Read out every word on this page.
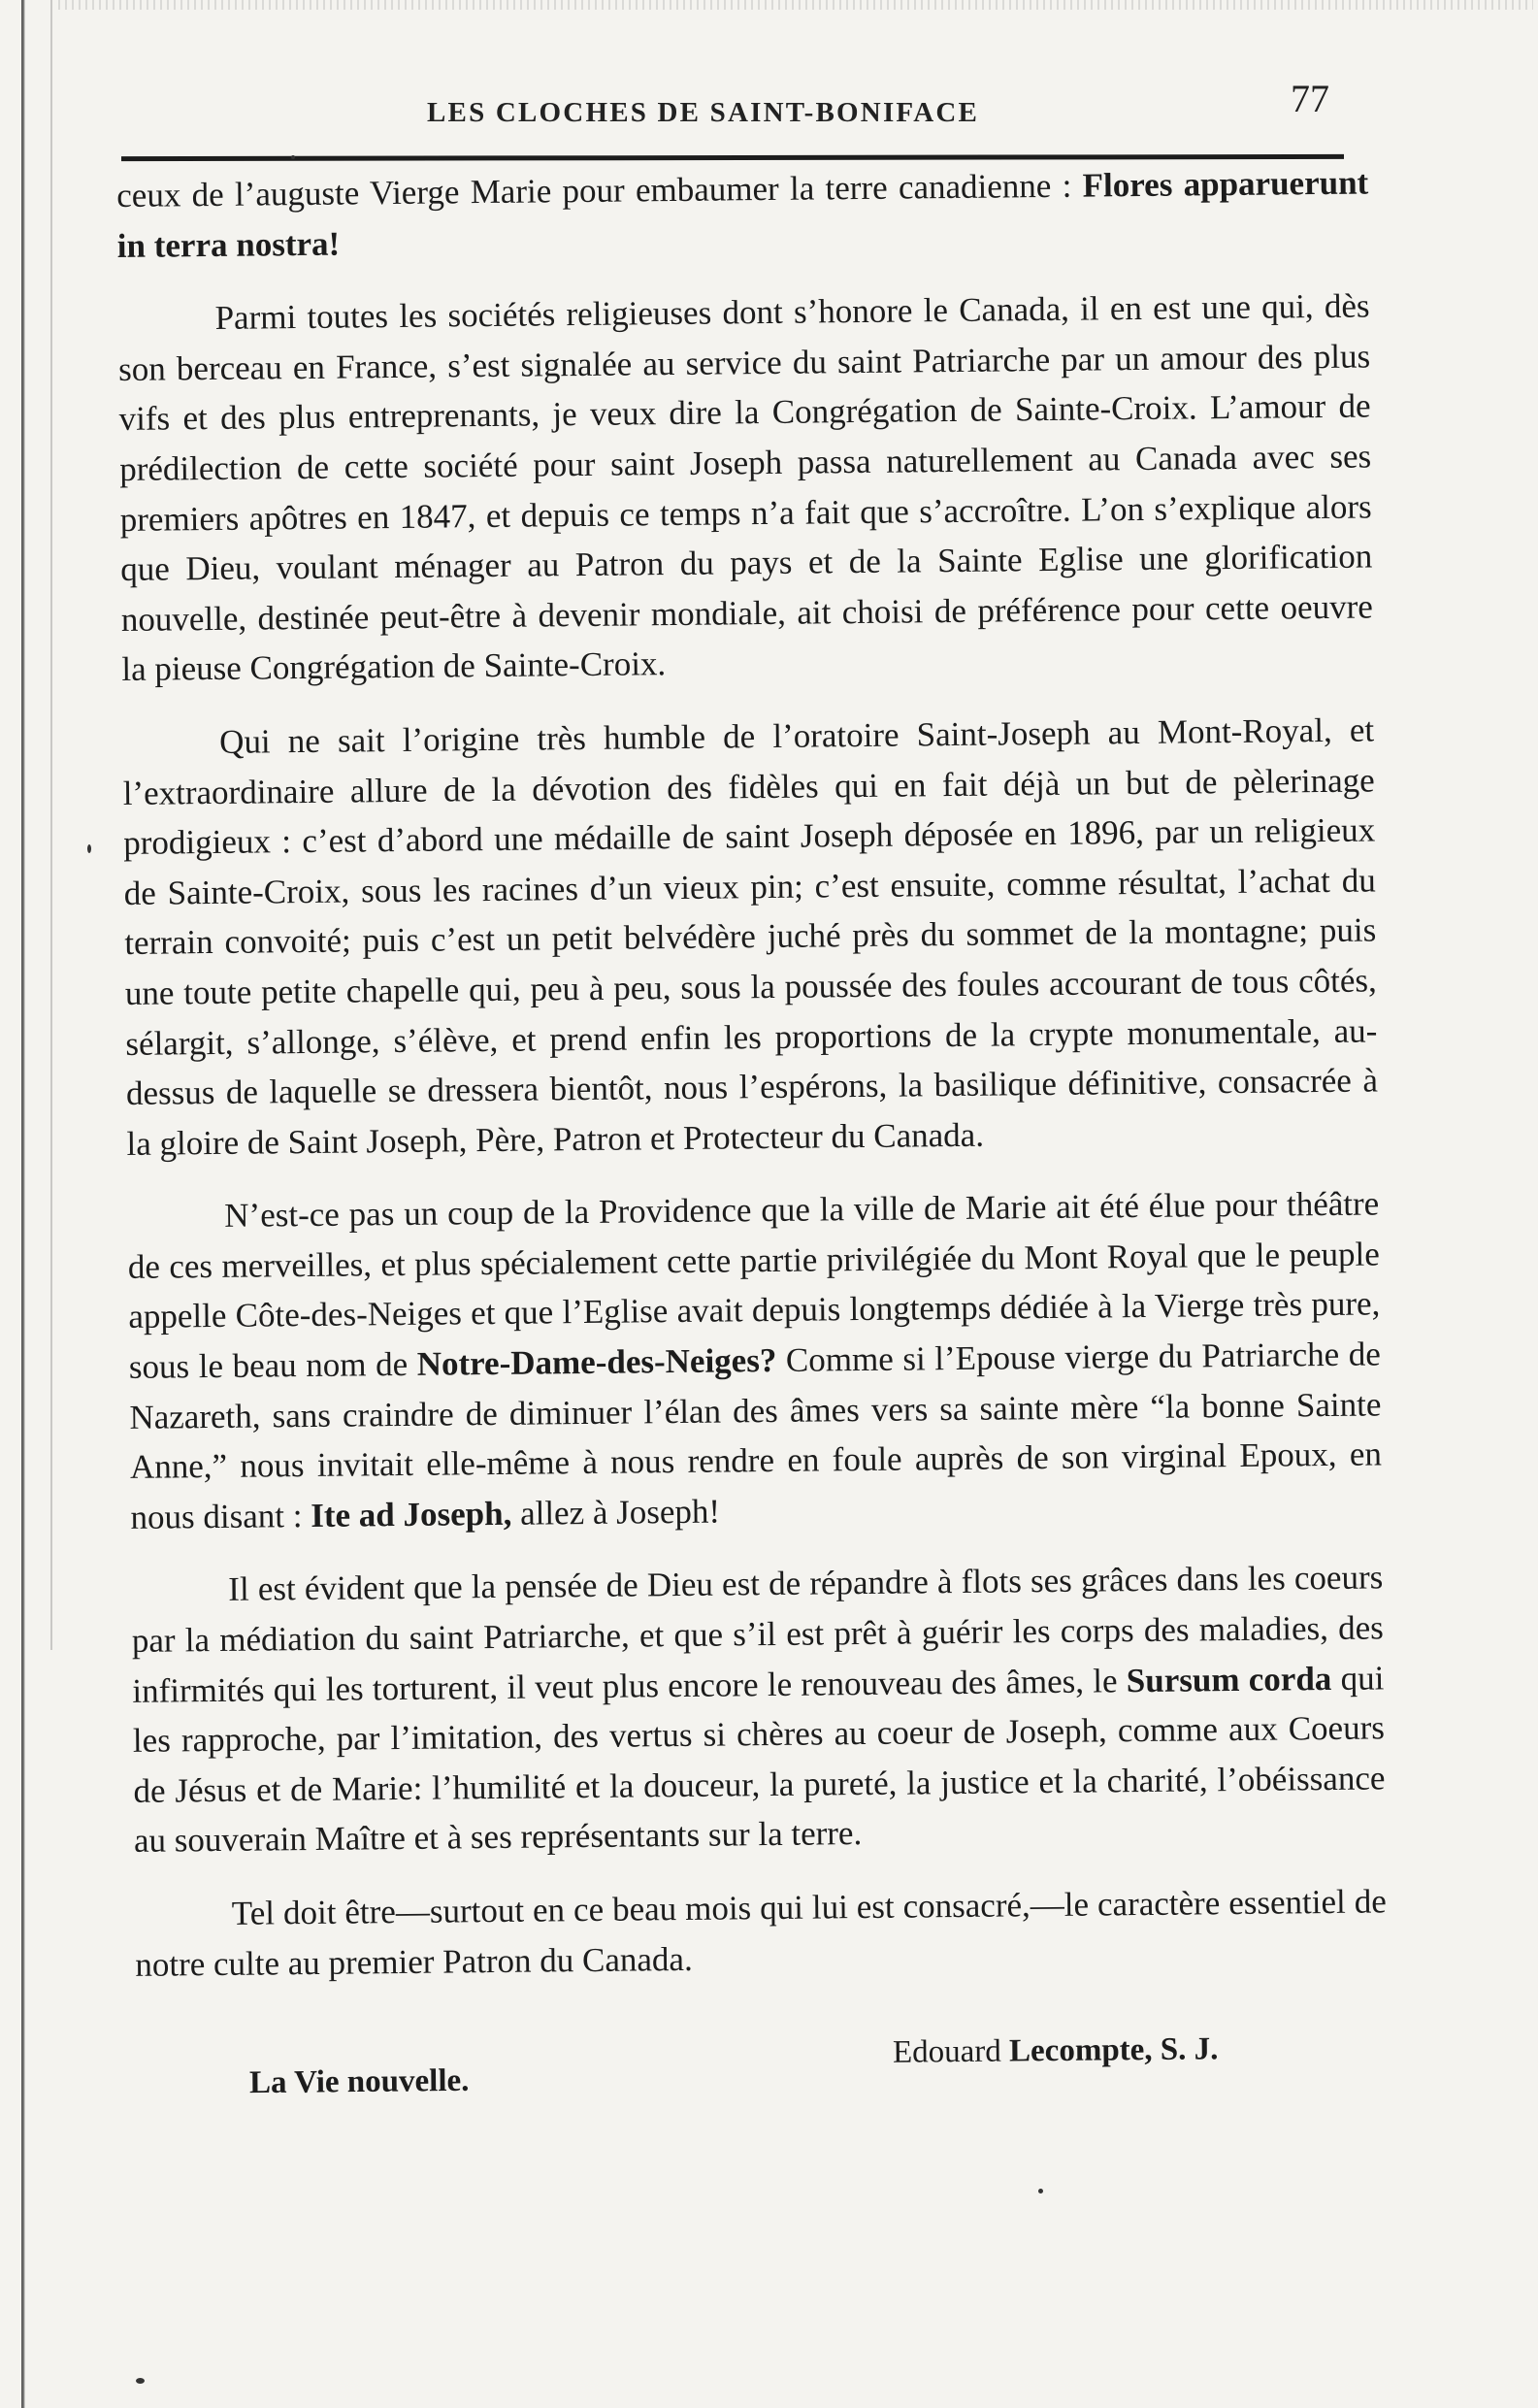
LES CLOCHES DE SAINT-BONIFACE	77

ceux de l’auguste Vierge Marie pour embaumer la terre canadienne : Flores apparuerunt in terra nostra!

Parmi toutes les sociétés religieuses dont s’honore le Canada, il en est une qui, dès son berceau en France, s’est signalée au service du saint Patriarche par un amour des plus vifs et des plus entreprenants, je veux dire la Congrégation de Sainte-Croix. L’amour de prédilection de cette société pour saint Joseph passa naturellement au Canada avec ses premiers apôtres en 1847, et depuis ce temps n’a fait que s’accroître. L’on s’explique alors que Dieu, voulant ménager au Patron du pays et de la Sainte Eglise une glorification nouvelle, destinée peut-être à devenir mondiale, ait choisi de préférence pour cette oeuvre la pieuse Congrégation de Sainte-Croix.

Qui ne sait l’origine très humble de l’oratoire Saint-Joseph au Mont-Royal, et l’extraordinaire allure de la dévotion des fidèles qui en fait déjà un but de pèlerinage prodigieux : c’est d’abord une médaille de saint Joseph déposée en 1896, par un religieux de Sainte-Croix, sous les racines d’un vieux pin; c’est ensuite, comme résultat, l’achat du terrain convoité; puis c’est un petit belvédère juché près du sommet de la montagne; puis une toute petite chapelle qui, peu à peu, sous la poussée des foules accourant de tous côtés, sélargit, s’allonge, s’élève, et prend enfin les proportions de la crypte monumentale, au-dessus de laquelle se dressera bientôt, nous l’espérons, la basilique définitive, consacrée à la gloire de Saint Joseph, Père, Patron et Protecteur du Canada.

N’est-ce pas un coup de la Providence que la ville de Marie ait été élue pour théâtre de ces merveilles, et plus spécialement cette partie privilégiée du Mont Royal que le peuple appelle Côte-des-Neiges et que l’Eglise avait depuis longtemps dédiée à la Vierge très pure, sous le beau nom de Notre-Dame-des-Neiges? Comme si l’Epouse vierge du Patriarche de Nazareth, sans craindre de diminuer l’élan des âmes vers sa sainte mère “la bonne Sainte Anne,” nous invitait elle-même à nous rendre en foule auprès de son virginal Epoux, en nous disant : Ite ad Joseph, allez à Joseph!

Il est évident que la pensée de Dieu est de répandre à flots ses grâces dans les coeurs par la médiation du saint Patriarche, et que s’il est prêt à guérir les corps des maladies, des infirmités qui les torturent, il veut plus encore le renouveau des âmes, le Sursum corda qui les rapproche, par l’imitation, des vertus si chères au coeur de Joseph, comme aux Coeurs de Jésus et de Marie: l’humilité et la douceur, la pureté, la justice et la charité, l’obéissance au souverain Maître et à ses représentants sur la terre.

Tel doit être—surtout en ce beau mois qui lui est consacré,—le caractère essentiel de notre culte au premier Patron du Canada.

Edouard Lecompte, S. J.
La Vie nouvelle.
